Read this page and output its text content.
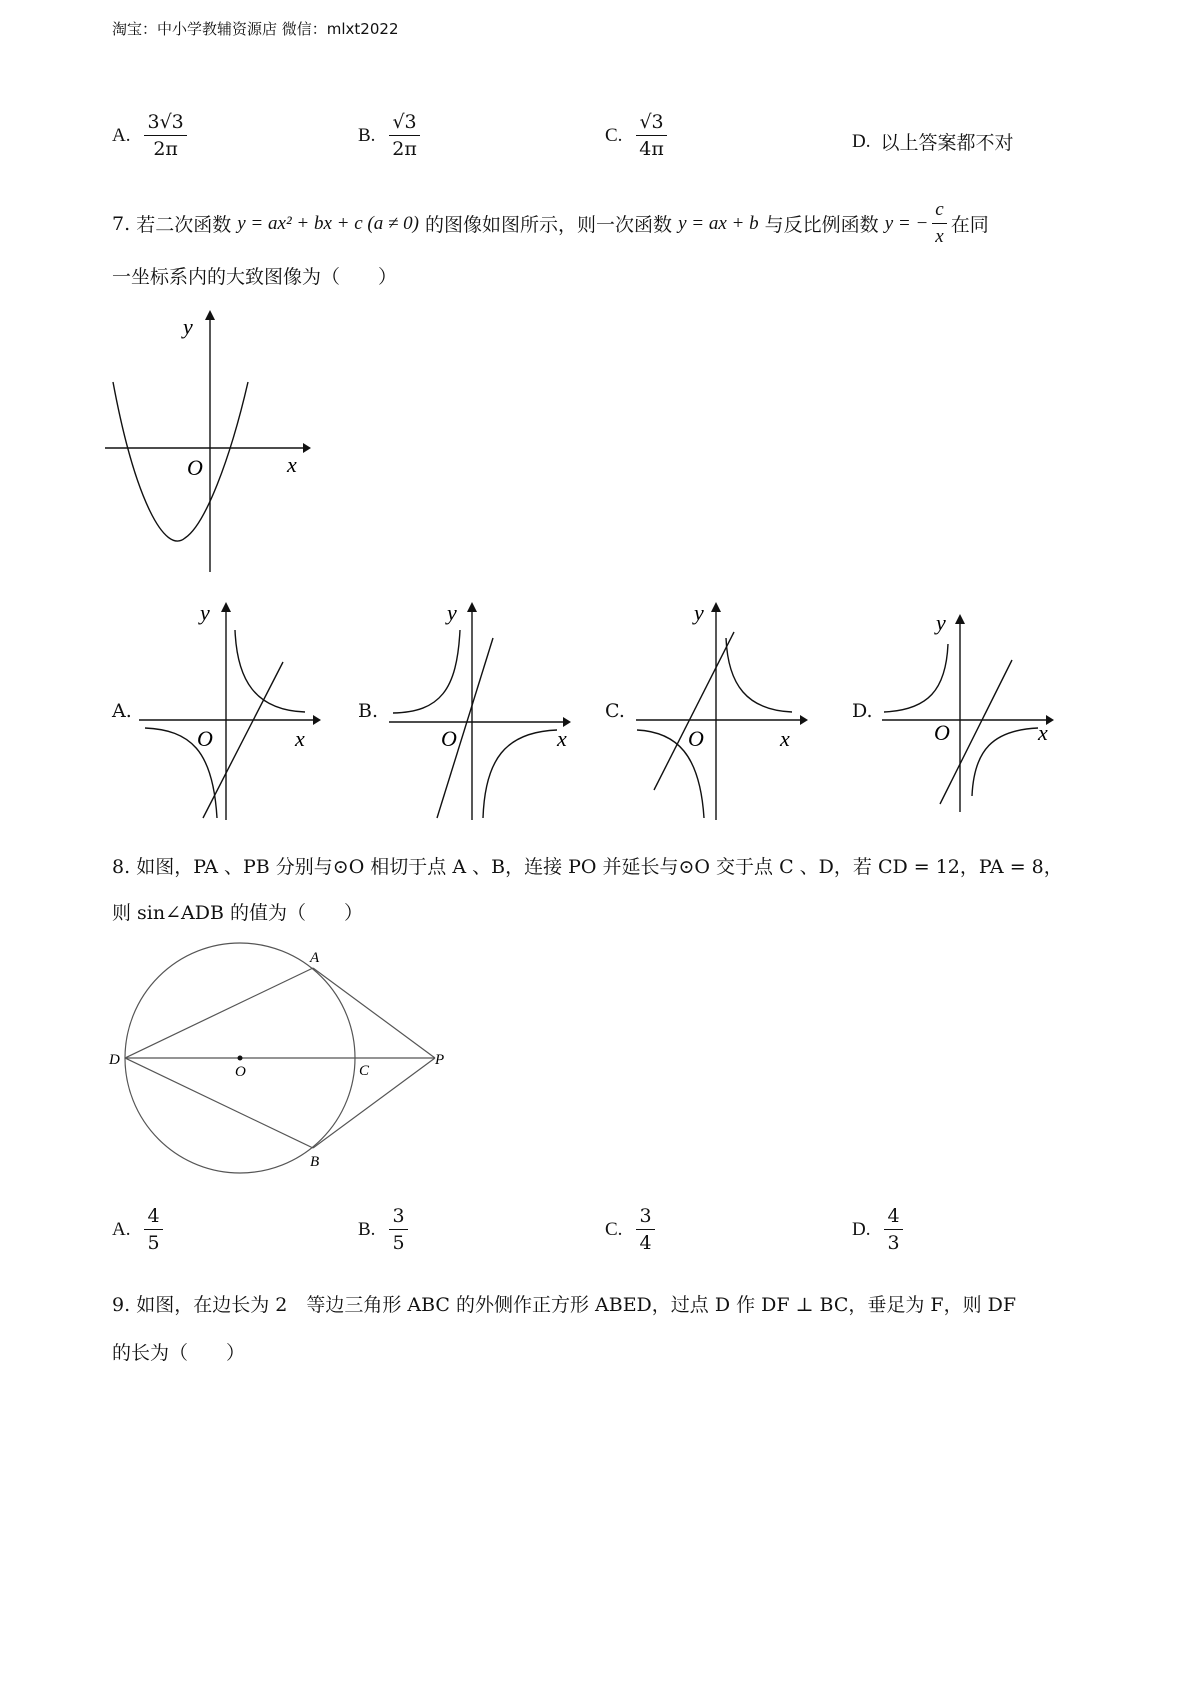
淘宝：中小学教辅资源店 微信：mlxt2022
A. $\frac{3√3}{2\pi}$	B. $\frac{√3}{2\pi}$	C. $\frac{√3}{4\pi}$	D. 以上答案都不对
7.
若二次函数
y = ax² + bx + c (a ≠ 0)
的图像如图所示，则一次函数
y = ax + b
与反比例函数
y = − $\frac{c}{x}$ 在同
一坐标系内的大致图像为（　　）
y
x
O
A.
y
x
O
B.
y
x
O
C.
y
x
O
D.
y
x
O
8. 如图，PA 、PB 分别与⊙O 相切于点 A 、B，连接 PO 并延长与⊙O 交于点 C 、D，若 CD = 12，PA = 8，
则 sin∠ADB 的值为（　　）
A
B
C
D
O
P
A. $\frac{4}{5}$	B. $\frac{3}{5}$	C. $\frac{3}{4}$	D. $\frac{4}{3}$
9. 如图，在边长为 2　等边三角形 ABC 的外侧作正方形 ABED，过点 D 作 DF ⊥ BC，垂足为 F，则 DF
的长为（　　）
